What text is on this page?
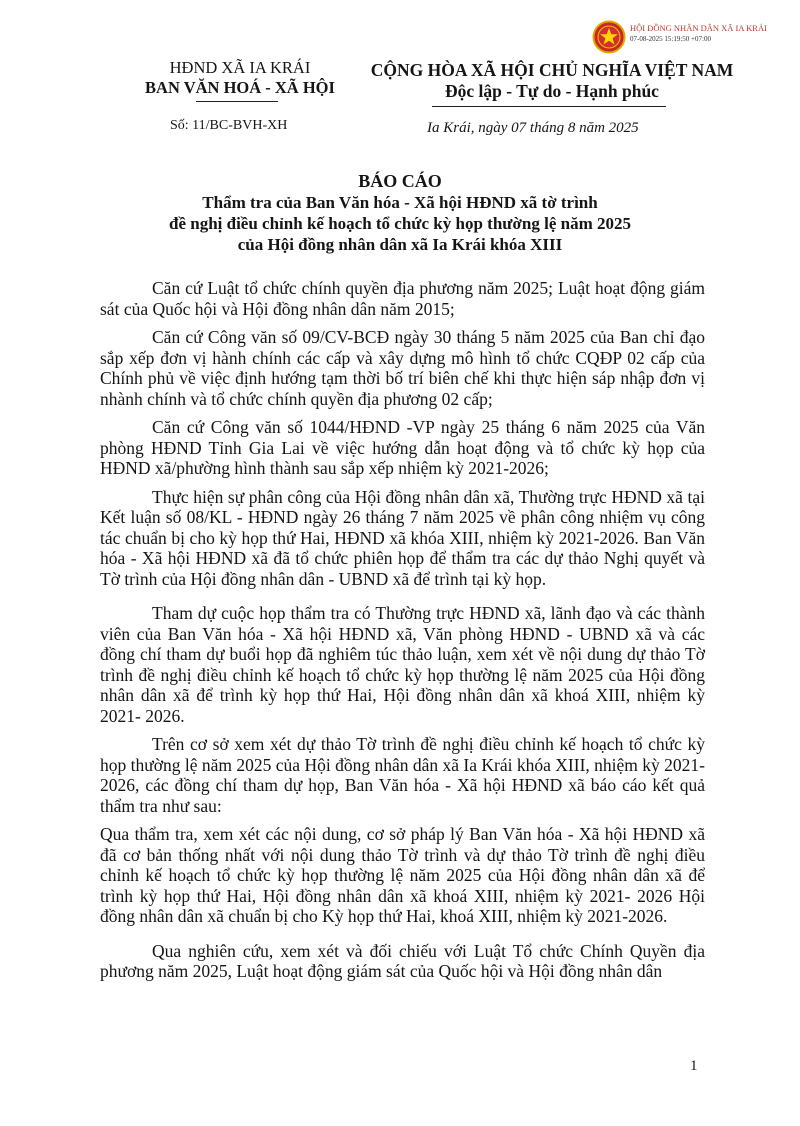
HỘI ĐỒNG NHÂN DÂN XÃ IA KRÁI
07-08-2025 15:19:50 +07:00
HĐND XÃ IA KRÁI
BAN VĂN HOÁ - XÃ HỘI
CỘNG HÒA XÃ HỘI CHỦ NGHĨA VIỆT NAM
Độc lập - Tự do - Hạnh phúc
Số: 11/BC-BVH-XH	Ia Krái, ngày 07 tháng 8 năm 2025
BÁO CÁO
Thẩm tra của Ban Văn hóa - Xã hội HĐND xã tờ trình
đề nghị điều chỉnh kế hoạch tổ chức kỳ họp thường lệ năm 2025
của Hội đồng nhân dân xã Ia Krái khóa XIII

Căn cứ Luật tổ chức chính quyền địa phương năm 2025; Luật hoạt động giám sát của Quốc hội và Hội đồng nhân dân năm 2015;

Căn cứ Công văn số 09/CV-BCĐ ngày 30 tháng 5 năm 2025 của Ban chỉ đạo sắp xếp đơn vị hành chính các cấp và xây dựng mô hình tổ chức CQĐP 02 cấp của Chính phủ về việc định hướng tạm thời bố trí biên chế khi thực hiện sáp nhập đơn vị nhành chính và tổ chức chính quyền địa phương 02 cấp;

Căn cứ Công văn số 1044/HĐND -VP ngày 25 tháng 6 năm 2025 của Văn phòng HĐND Tỉnh Gia Lai về việc hướng dẫn hoạt động và tổ chức kỳ họp của HĐND xã/phường hình thành sau sắp xếp nhiệm kỳ 2021-2026;

Thực hiện sự phân công của Hội đồng nhân dân xã, Thường trực HĐND xã tại Kết luận số 08/KL - HĐND ngày 26 tháng 7 năm 2025 về phân công nhiệm vụ công tác chuẩn bị cho kỳ họp thứ Hai, HĐND xã khóa XIII, nhiệm kỳ 2021-2026. Ban Văn hóa - Xã hội HĐND xã đã tổ chức phiên họp để thẩm tra các dự thảo Nghị quyết và Tờ trình của Hội đồng nhân dân - UBND xã để trình tại kỳ họp.

Tham dự cuộc họp thẩm tra có Thường trực HĐND xã, lãnh đạo và các thành viên của Ban Văn hóa - Xã hội HĐND xã, Văn phòng HĐND - UBND xã và các đồng chí tham dự buổi họp đã nghiêm túc thảo luận, xem xét về nội dung dự thảo Tờ trình đề nghị điều chỉnh kế hoạch tổ chức kỳ họp thường lệ năm 2025 của Hội đồng nhân dân xã để trình kỳ họp thứ Hai, Hội đồng nhân dân xã khoá XIII, nhiệm kỳ 2021- 2026.

Trên cơ sở xem xét dự thảo Tờ trình đề nghị điều chỉnh kế hoạch tổ chức kỳ họp thường lệ năm 2025 của Hội đồng nhân dân xã Ia Krái khóa XIII, nhiệm kỳ 2021-2026, các đồng chí tham dự họp, Ban Văn hóa - Xã hội HĐND xã báo cáo kết quả thẩm tra như sau:

Qua thẩm tra, xem xét các nội dung, cơ sở pháp lý Ban Văn hóa - Xã hội HĐND xã đã cơ bản thống nhất với nội dung thảo Tờ trình và dự thảo Tờ trình đề nghị điều chỉnh kế hoạch tổ chức kỳ họp thường lệ năm 2025 của Hội đồng nhân dân xã để trình kỳ họp thứ Hai, Hội đồng nhân dân xã khoá XIII, nhiệm kỳ 2021- 2026 Hội đồng nhân dân xã chuẩn bị cho Kỳ họp thứ Hai, khoá XIII, nhiệm kỳ 2021-2026.

Qua nghiên cứu, xem xét và đối chiếu với Luật Tổ chức Chính Quyền địa phương năm 2025, Luật hoạt động giám sát của Quốc hội và Hội đồng nhân dân

1
